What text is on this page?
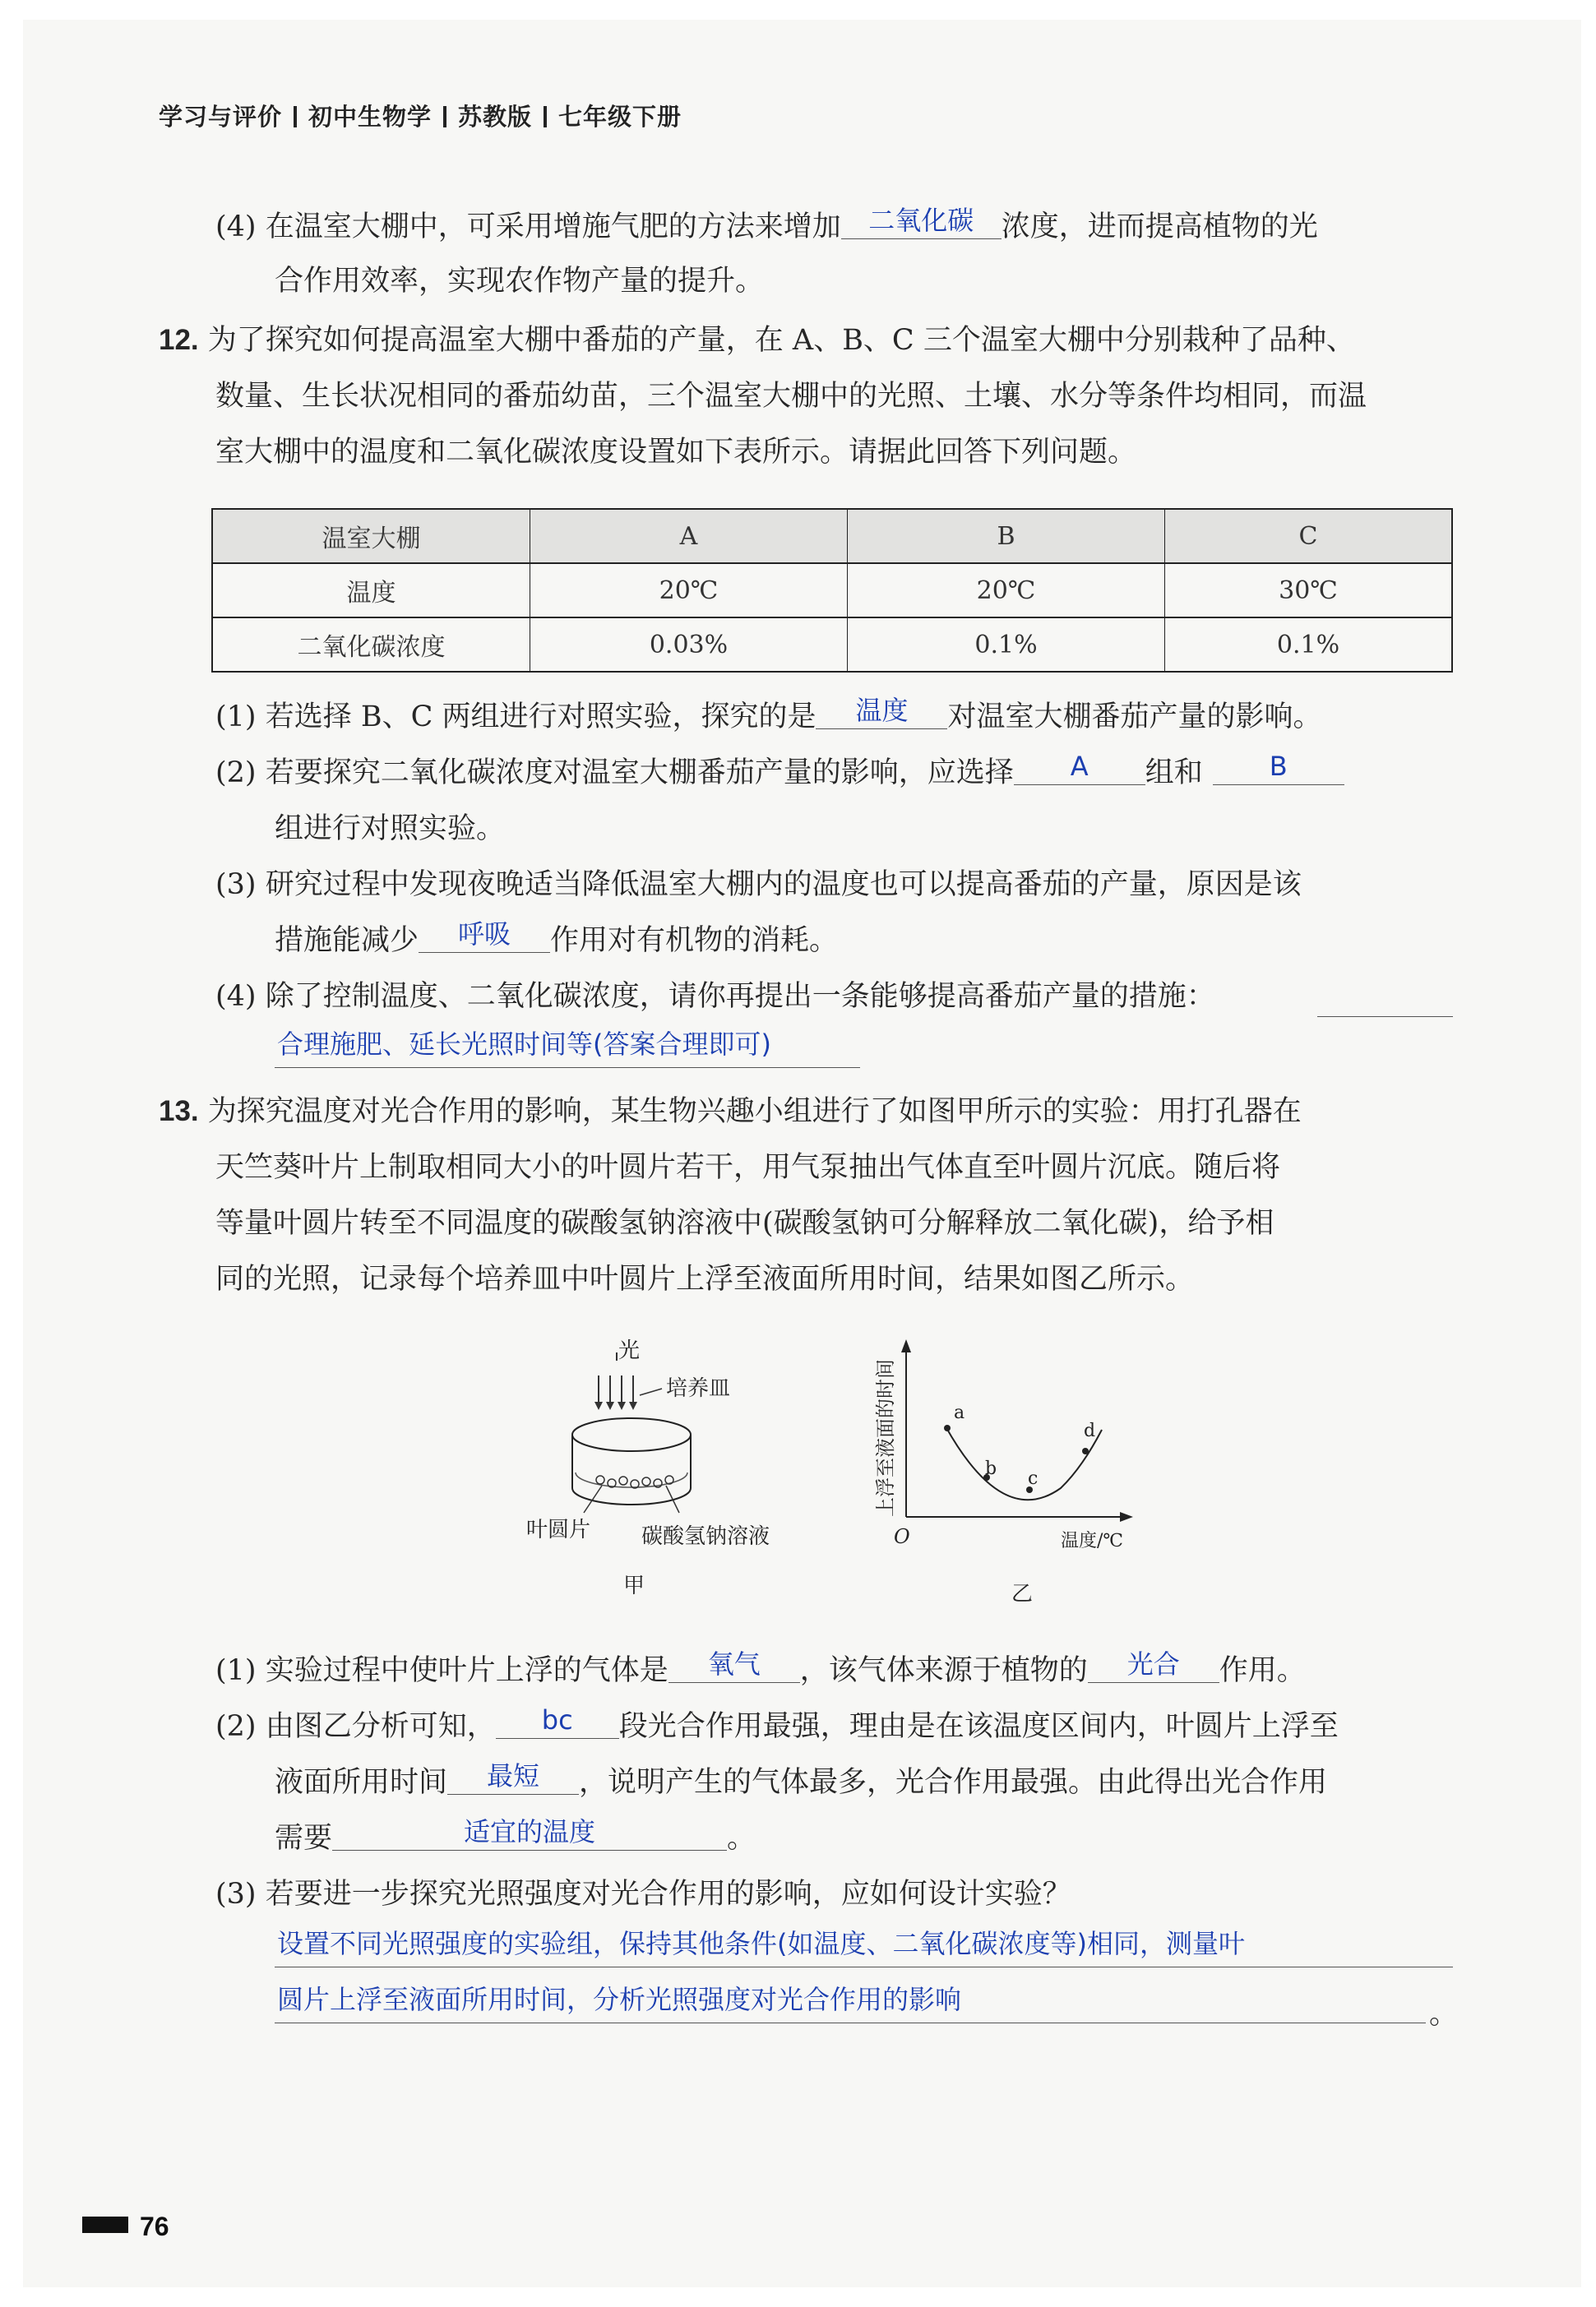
学习与评价 初中生物学 苏教版 七年级下册
(4) 在温室大棚中，可采用增施气肥的方法来增加	二氧化碳 浓度，进而提高植物的光
合作用效率，实现农作物产量的提升。
12. 为了探究如何提高温室大棚中番茄的产量，在 A、B、C 三个温室大棚中分别栽种了品种、
数量、生长状况相同的番茄幼苗，三个温室大棚中的光照、土壤、水分等条件均相同，而温
室大棚中的温度和二氧化碳浓度设置如下表所示。请据此回答下列问题。
温室大棚	A	B	C
温度	20℃	20℃	30℃
二氧化碳浓度	0.03%	0.1%	0.1%
(1) 若选择 B、C 两组进行对照实验，探究的是	温度	对温室大棚番茄产量的影响。
(2) 若要探究二氧化碳浓度对温室大棚番茄产量的影响，应选择	A	组和	B
组进行对照实验。
(3) 研究过程中发现夜晚适当降低温室大棚内的温度也可以提高番茄的产量，原因是该
措施能减少	呼吸	作用对有机物的消耗。
(4) 除了控制温度、二氧化碳浓度，请你再提出一条能够提高番茄产量的措施：
合理施肥、延长光照时间等(答案合理即可)
13. 为探究温度对光合作用的影响，某生物兴趣小组进行了如图甲所示的实验：用打孔器在
天竺葵叶片上制取相同大小的叶圆片若干，用气泵抽出气体直至叶圆片沉底。随后将
等量叶圆片转至不同温度的碳酸氢钠溶液中(碳酸氢钠可分解释放二氧化碳)，给予相
同的光照，记录每个培养皿中叶圆片上浮至液面所用时间，结果如图乙所示。
光
培养皿
叶圆片 碳酸氢钠溶液
甲
O
上浮至液面的时间
温度/℃
a
b c
d
乙
(1) 实验过程中使叶片上浮的气体是	氧气	，该气体来源于植物的	光合	作用。
(2) 由图乙分析可知，	bc	段光合作用最强，理由是在该温度区间内，叶圆片上浮至
液面所用时间	最短	，说明产生的气体最多，光合作用最强。由此得出光合作用
需要	适宜的温度	。
(3) 若要进一步探究光照强度对光合作用的影响，应如何设计实验？
设置不同光照强度的实验组，保持其他条件(如温度、二氧化碳浓度等)相同，测量叶
圆片上浮至液面所用时间，分析光照强度对光合作用的影响	。
76
